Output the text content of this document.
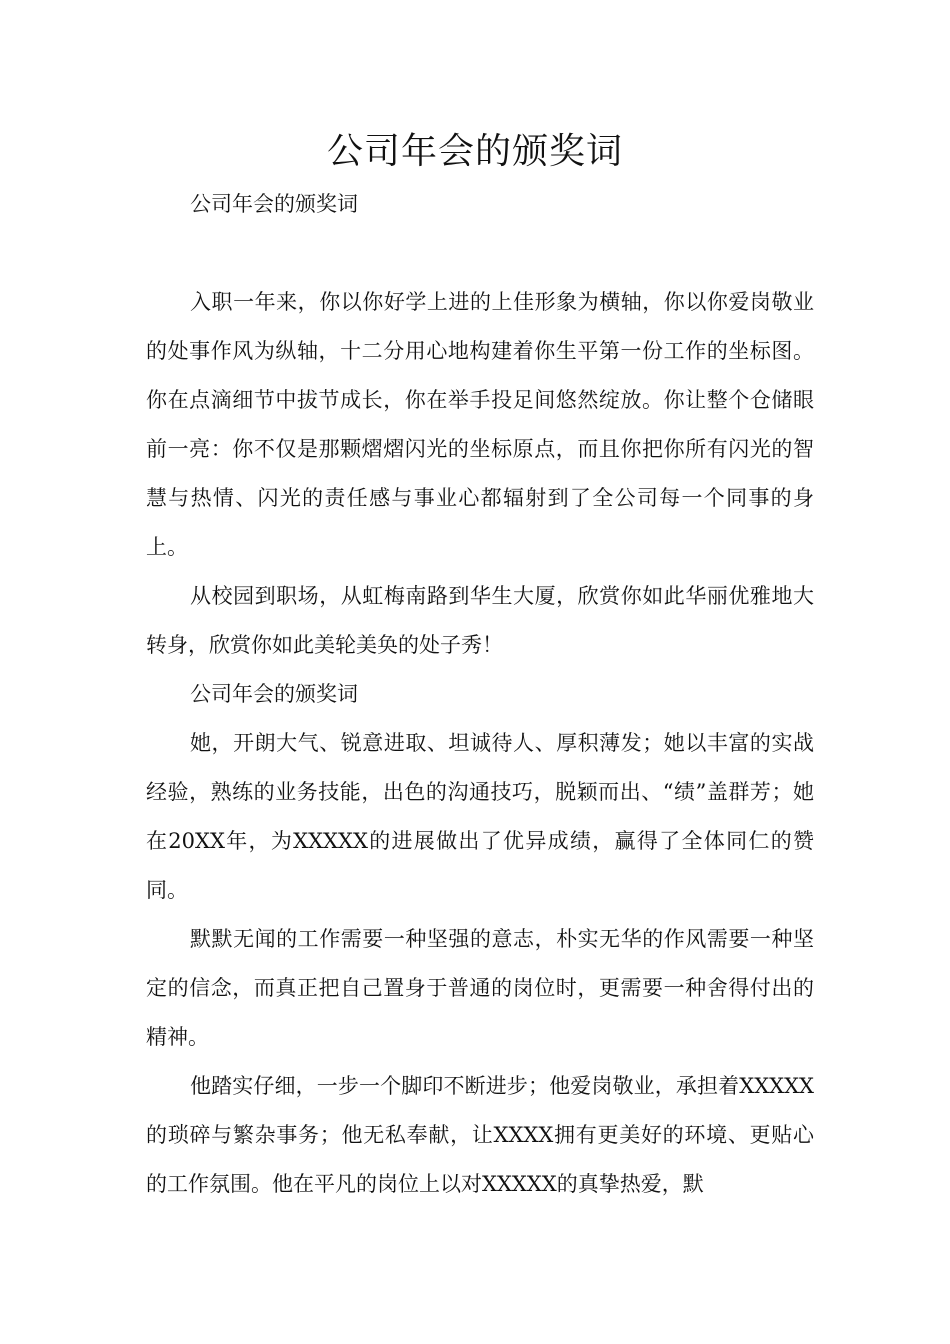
公司年会的颁奖词

公司年会的颁奖词

入职一年来，你以你好学上进的上佳形象为横轴，你以你爱岗敬业的处事作风为纵轴，十二分用心地构建着你生平第一份工作的坐标图。你在点滴细节中拔节成长，你在举手投足间悠然绽放。你让整个仓储眼前一亮：你不仅是那颗熠熠闪光的坐标原点，而且你把你所有闪光的智慧与热情、闪光的责任感与事业心都辐射到了全公司每一个同事的身上。

从校园到职场，从虹梅南路到华生大厦，欣赏你如此华丽优雅地大转身，欣赏你如此美轮美奂的处子秀！

公司年会的颁奖词

她，开朗大气、锐意进取、坦诚待人、厚积薄发；她以丰富的实战经验，熟练的业务技能，出色的沟通技巧，脱颖而出、“绩”盖群芳；她在20XX年，为XXXXX的进展做出了优异成绩，赢得了全体同仁的赞同。

默默无闻的工作需要一种坚强的意志，朴实无华的作风需要一种坚定的信念，而真正把自己置身于普通的岗位时，更需要一种舍得付出的精神。

他踏实仔细，一步一个脚印不断进步；他爱岗敬业，承担着XXXXX的琐碎与繁杂事务；他无私奉献，让XXXX拥有更美好的环境、更贴心的工作氛围。他在平凡的岗位上以对XXXXX的真挚热爱，默
